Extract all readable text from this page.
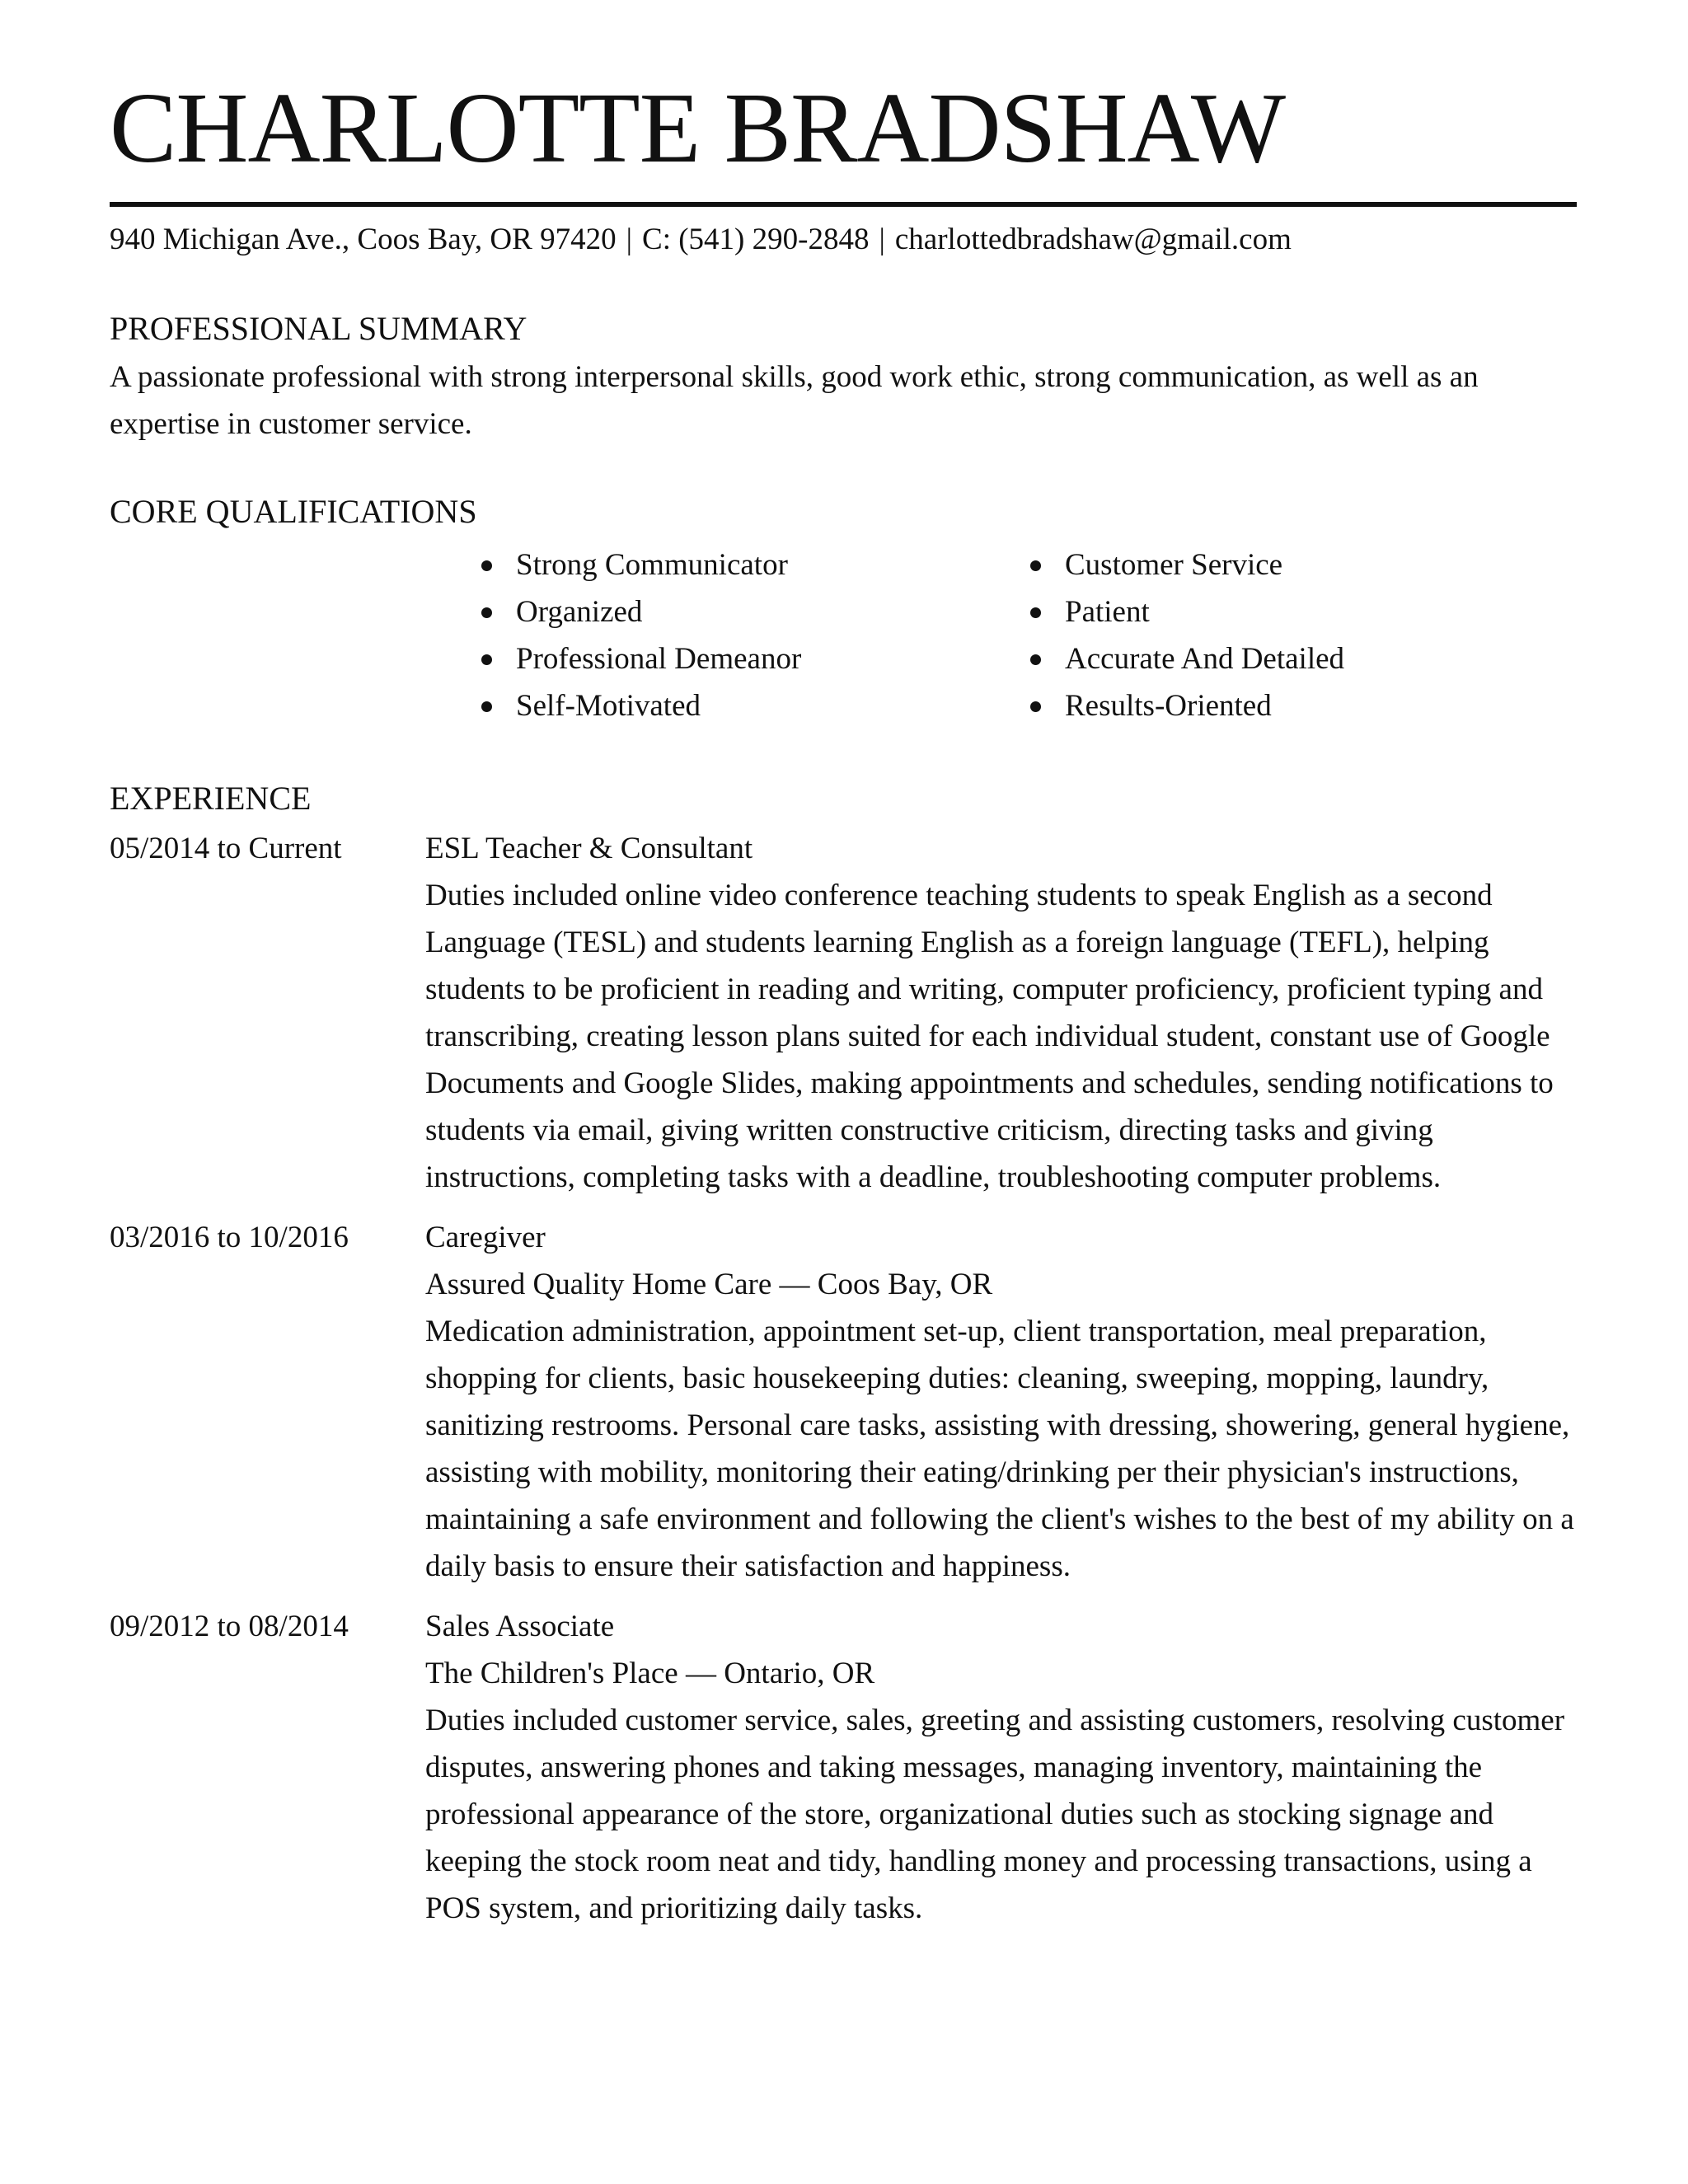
CHARLOTTE BRADSHAW
940 Michigan Ave., Coos Bay, OR 97420 | C: (541) 290-2848 | charlottedbradshaw@gmail.com
PROFESSIONAL SUMMARY
A passionate professional with strong interpersonal skills, good work ethic, strong communication, as well as an expertise in customer service.
CORE QUALIFICATIONS
Strong Communicator
Organized
Professional Demeanor
Self-Motivated
Customer Service
Patient
Accurate And Detailed
Results-Oriented
EXPERIENCE
05/2014 to Current	ESL Teacher & Consultant
Duties included online video conference teaching students to speak English as a second Language (TESL) and students learning English as a foreign language (TEFL), helping students to be proficient in reading and writing, computer proficiency, proficient typing and transcribing, creating lesson plans suited for each individual student, constant use of Google Documents and Google Slides, making appointments and schedules, sending notifications to students via email, giving written constructive criticism, directing tasks and giving instructions, completing tasks with a deadline, troubleshooting computer problems.
03/2016 to 10/2016	Caregiver
Assured Quality Home Care — Coos Bay, OR
Medication administration, appointment set-up, client transportation, meal preparation, shopping for clients, basic housekeeping duties: cleaning, sweeping, mopping, laundry, sanitizing restrooms. Personal care tasks, assisting with dressing, showering, general hygiene, assisting with mobility, monitoring their eating/drinking per their physician's instructions, maintaining a safe environment and following the client's wishes to the best of my ability on a daily basis to ensure their satisfaction and happiness.
09/2012 to 08/2014	Sales Associate
The Children's Place — Ontario, OR
Duties included customer service, sales, greeting and assisting customers, resolving customer disputes, answering phones and taking messages, managing inventory, maintaining the professional appearance of the store, organizational duties such as stocking signage and keeping the stock room neat and tidy, handling money and processing transactions, using a POS system, and prioritizing daily tasks.
